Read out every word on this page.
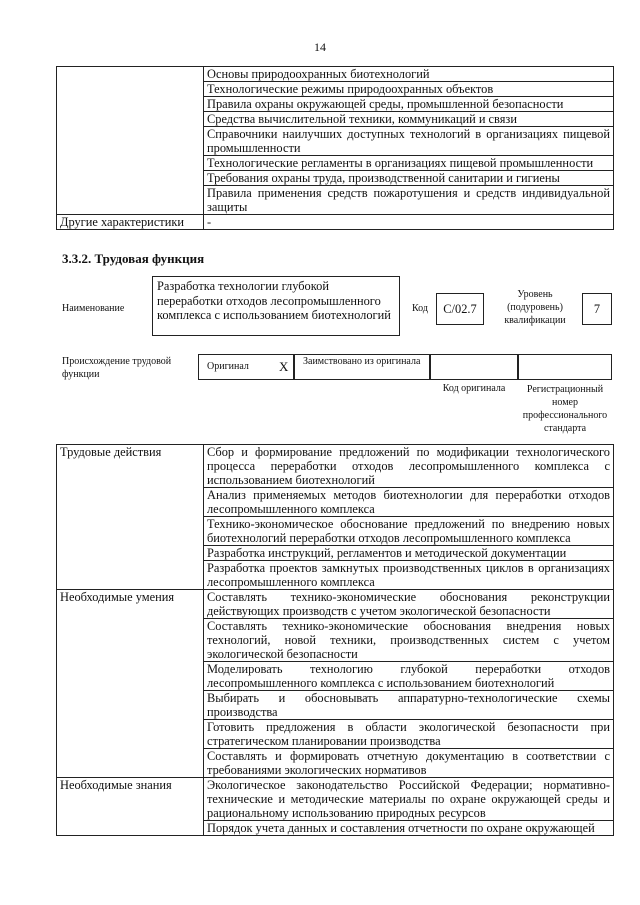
14
	Основы природоохранных биотехнологий
	Технологические режимы природоохранных объектов
	Правила охраны окружающей среды, промышленной безопасности
	Средства вычислительной техники, коммуникаций и связи
	Справочники наилучших доступных технологий в организациях пищевой промышленности
	Технологические регламенты в организациях пищевой промышленности
	Требования охраны труда, производственной санитарии и гигиены
	Правила применения средств пожаротушения и средств индивидуальной защиты
Другие характеристики	-
3.3.2. Трудовая функция
Наименование
Разработка технологии глубокой переработки отходов лесопромышленного комплекса с использованием биотехнологий	Код	C/02.7
Уровень (подуровень) квалификации
7
Происхождение трудовой функции
Оригинал X Заимствовано из оригинала
Код оригинала	Регистрационный номер профессионального стандарта
Трудовые действия	Сбор и формирование предложений по модификации технологического процесса переработки отходов лесопромышленного комплекса с использованием биотехнологий
	Анализ применяемых методов биотехнологии для переработки отходов лесопромышленного комплекса
	Технико-экономическое обоснование предложений по внедрению новых биотехнологий переработки отходов лесопромышленного комплекса
	Разработка инструкций, регламентов и методической документации
	Разработка проектов замкнутых производственных циклов в организациях лесопромышленного комплекса
Необходимые умения	Составлять технико-экономические обоснования реконструкции действующих производств с учетом экологической безопасности
	Составлять технико-экономические обоснования внедрения новых технологий, новой техники, производственных систем с учетом экологической безопасности
	Моделировать технологию глубокой переработки отходов лесопромышленного комплекса с использованием биотехнологий
	Выбирать и обосновывать аппаратурно-технологические схемы производства
	Готовить предложения в области экологической безопасности при стратегическом планировании производства
	Составлять и формировать отчетную документацию в соответствии с требованиями экологических нормативов
Необходимые знания	Экологическое законодательство Российской Федерации; нормативно-технические и методические материалы по охране окружающей среды и рациональному использованию природных ресурсов
	Порядок учета данных и составления отчетности по охране окружающей
